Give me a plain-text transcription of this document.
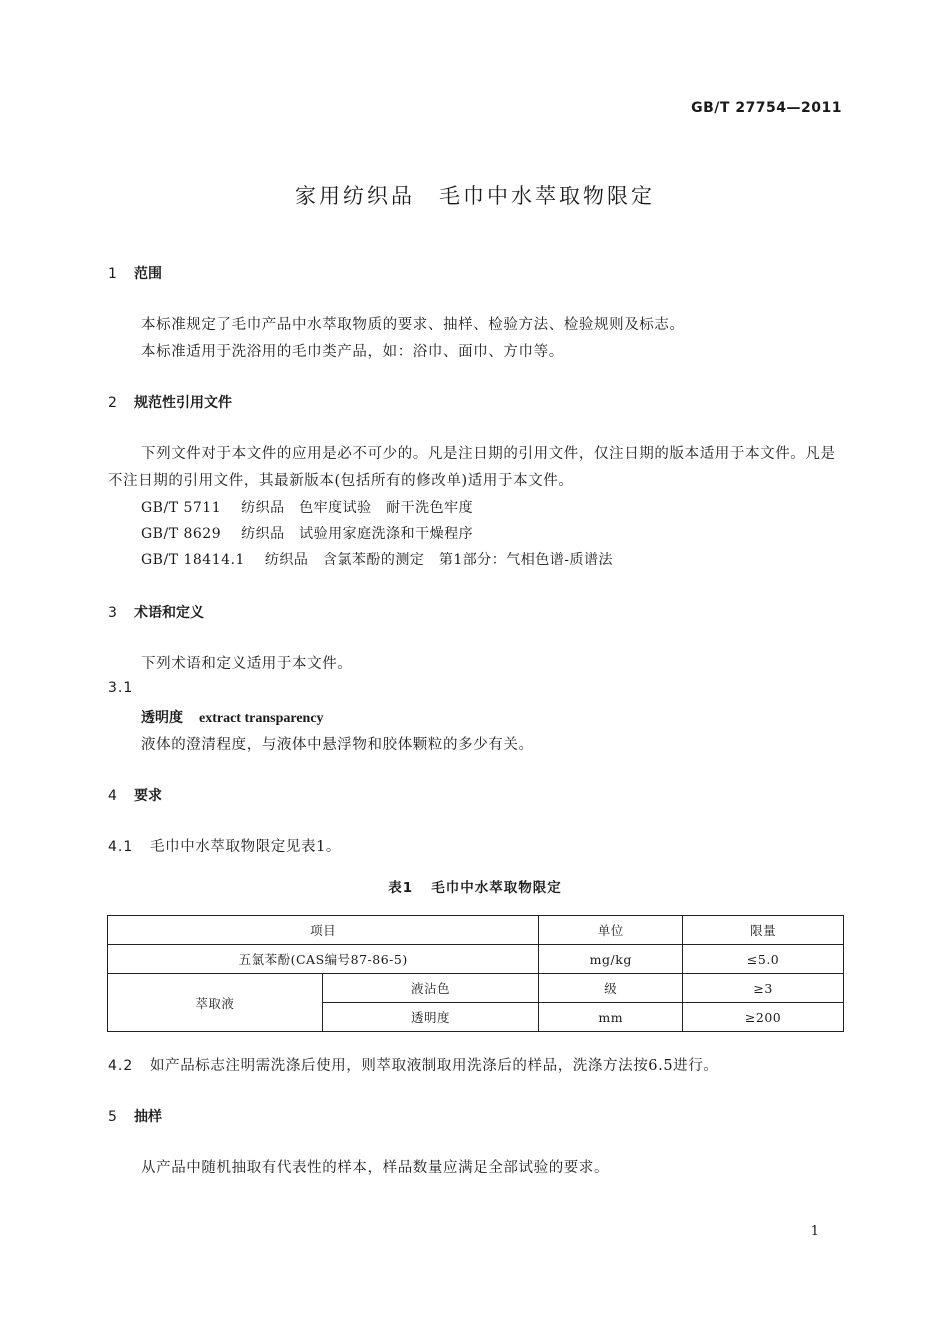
GB/T 27754—2011
家用纺织品　毛巾中水萃取物限定
1 范围
本标准规定了毛巾产品中水萃取物质的要求、抽样、检验方法、检验规则及标志。
本标准适用于洗浴用的毛巾类产品，如：浴巾、面巾、方巾等。
2 规范性引用文件
下列文件对于本文件的应用是必不可少的。凡是注日期的引用文件，仅注日期的版本适用于本文件。凡是不注日期的引用文件，其最新版本(包括所有的修改单)适用于本文件。
GB/T 5711 纺织品　色牢度试验　耐干洗色牢度
GB/T 8629 纺织品　试验用家庭洗涤和干燥程序
GB/T 18414.1 纺织品　含氯苯酚的测定　第1部分：气相色谱-质谱法
3 术语和定义
下列术语和定义适用于本文件。
3.1
透明度 extract transparency
液体的澄清程度，与液体中悬浮物和胶体颗粒的多少有关。
4 要求
4.1 毛巾中水萃取物限定见表1。
表1 毛巾中水萃取物限定
项目		单位	限量
五氯苯酚(CAS编号87-86-5)		mg/kg	≤5.0
萃取液	液沾色	级	≥3
	透明度	mm	≥200
4.2 如产品标志注明需洗涤后使用，则萃取液制取用洗涤后的样品，洗涤方法按6.5进行。
5 抽样
从产品中随机抽取有代表性的样本，样品数量应满足全部试验的要求。
1
